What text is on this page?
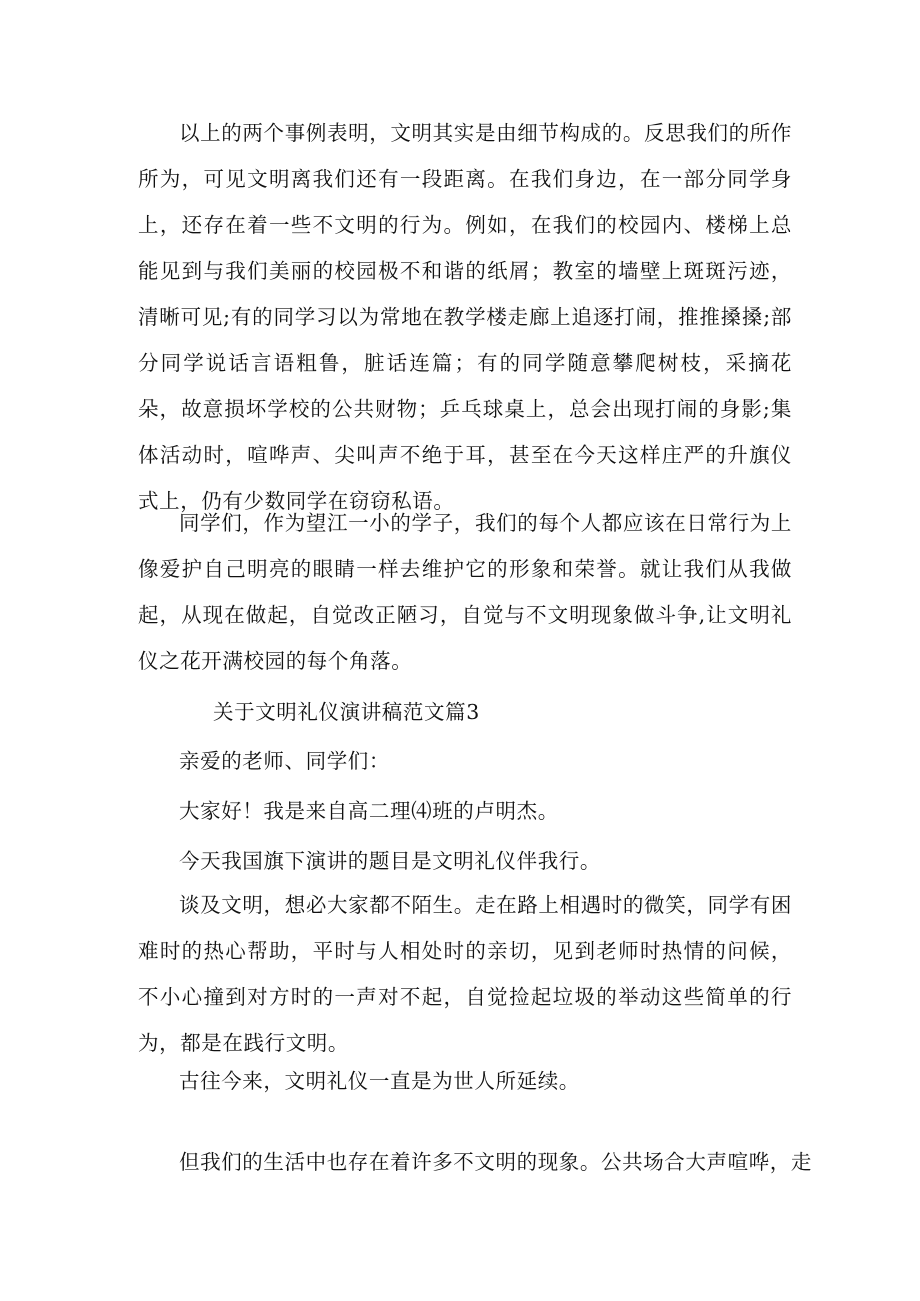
以上的两个事例表明，文明其实是由细节构成的。反思我们的所作所为，可见文明离我们还有一段距离。在我们身边，在一部分同学身上，还存在着一些不文明的行为。例如，在我们的校园内、楼梯上总能见到与我们美丽的校园极不和谐的纸屑；教室的墙壁上斑斑污迹，清晰可见;有的同学习以为常地在教学楼走廊上追逐打闹，推推搡搡;部分同学说话言语粗鲁，脏话连篇；有的同学随意攀爬树枝，采摘花朵，故意损坏学校的公共财物；乒乓球桌上，总会出现打闹的身影;集体活动时，喧哗声、尖叫声不绝于耳，甚至在今天这样庄严的升旗仪式上，仍有少数同学在窃窃私语。

同学们，作为望江一小的学子，我们的每个人都应该在日常行为上像爱护自己明亮的眼睛一样去维护它的形象和荣誉。就让我们从我做起，从现在做起，自觉改正陋习，自觉与不文明现象做斗争,让文明礼仪之花开满校园的每个角落。

关于文明礼仪演讲稿范文篇3

亲爱的老师、同学们：

大家好！我是来自高二理⑷班的卢明杰。

今天我国旗下演讲的题目是文明礼仪伴我行。

谈及文明，想必大家都不陌生。走在路上相遇时的微笑，同学有困难时的热心帮助，平时与人相处时的亲切，见到老师时热情的问候，不小心撞到对方时的一声对不起，自觉捡起垃圾的举动这些简单的行为，都是在践行文明。

古往今来，文明礼仪一直是为世人所延续。

但我们的生活中也存在着许多不文明的现象。公共场合大声喧哗，走
